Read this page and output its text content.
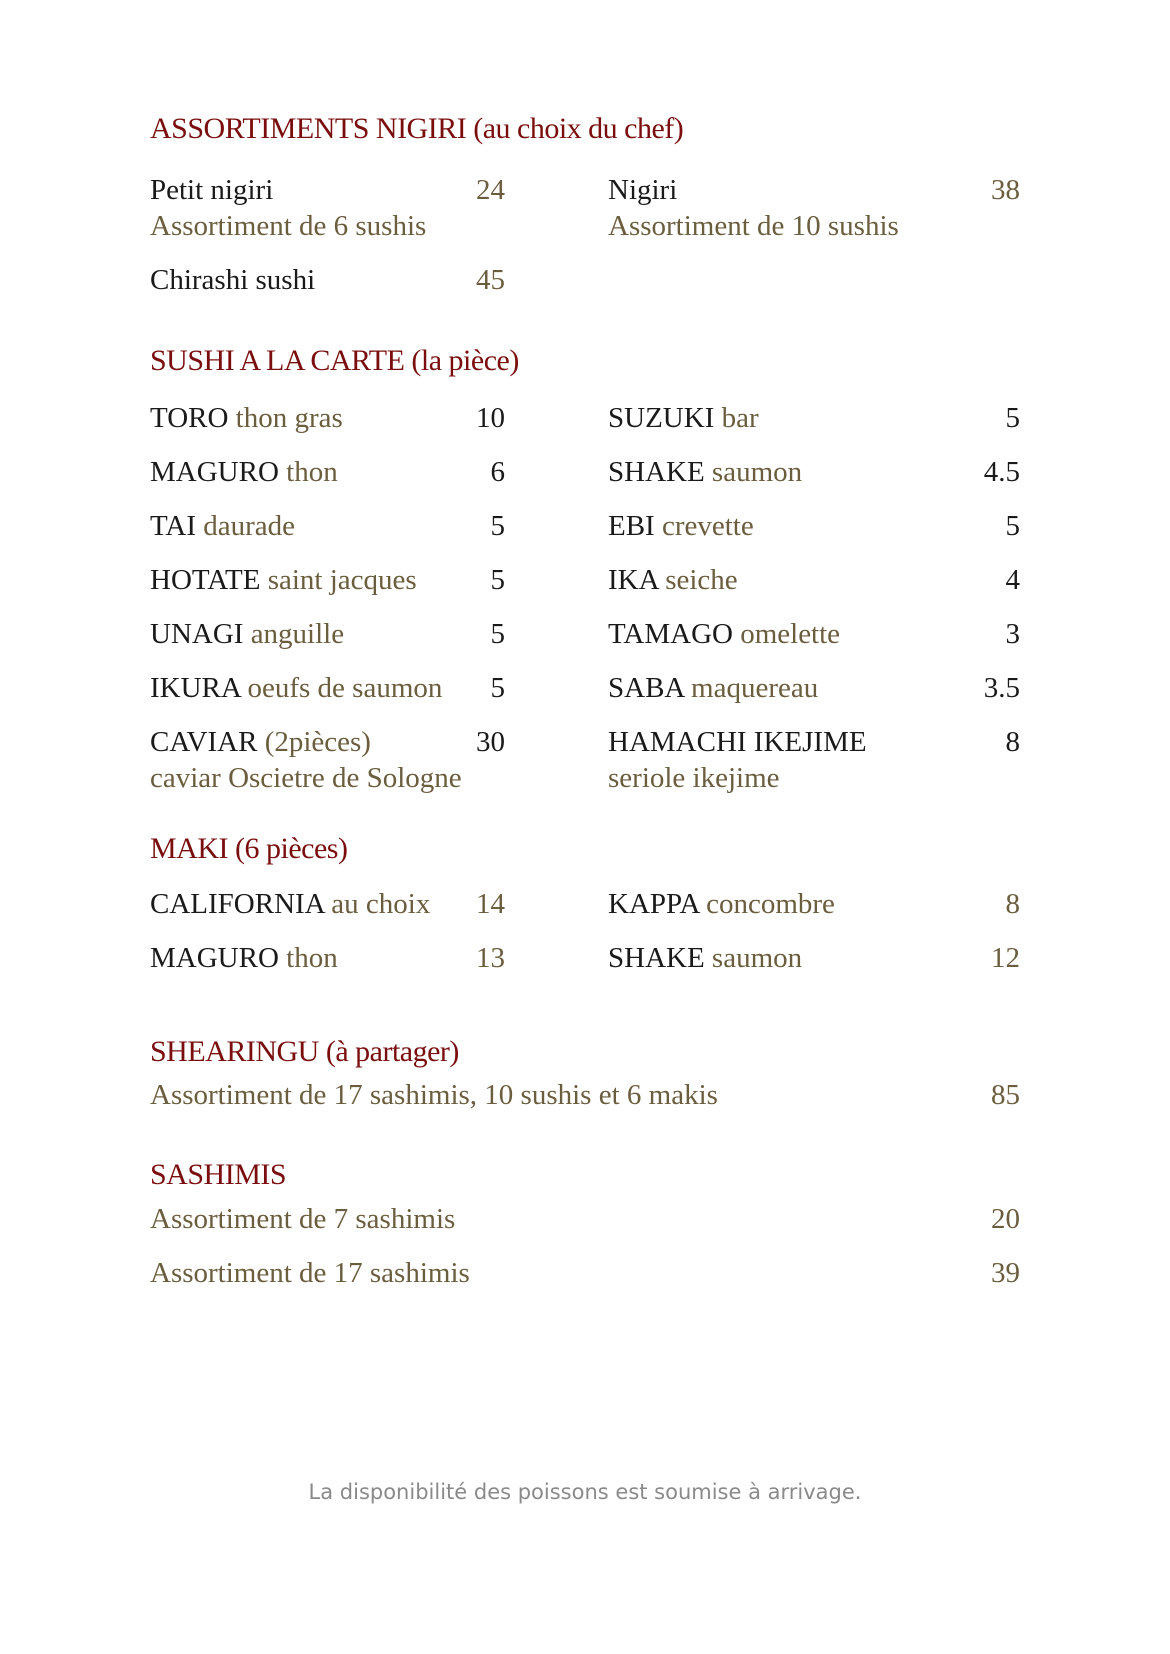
ASSORTIMENTS NIGIRI (au choix du chef)
Petit nigiri	24
Assortiment de 6 sushis
Nigiri	38
Assortiment de 10 sushis
Chirashi sushi	45
SUSHI A LA CARTE (la pièce)
TORO thon gras	10	SUZUKI bar	5
MAGURO thon	6	SHAKE saumon	4.5
TAI daurade	5	EBI crevette	5
HOTATE saint jacques	5	IKA seiche	4
UNAGI anguille	5	TAMAGO omelette	3
IKURA oeufs de saumon 5	SABA maquereau	3.5
CAVIAR (2pièces)	30
caviar Oscietre de Sologne
HAMACHI IKEJIME	8
seriole ikejime
MAKI (6 pièces)
CALIFORNIA au choix 14	KAPPA concombre	8
MAGURO thon	13	SHAKE saumon	12
SHEARINGU (à partager)
Assortiment de 17 sashimis, 10 sushis et 6 makis	85
SASHIMIS
Assortiment de 7 sashimis	20
Assortiment de 17 sashimis	39
La disponibilité des poissons est soumise à arrivage.
